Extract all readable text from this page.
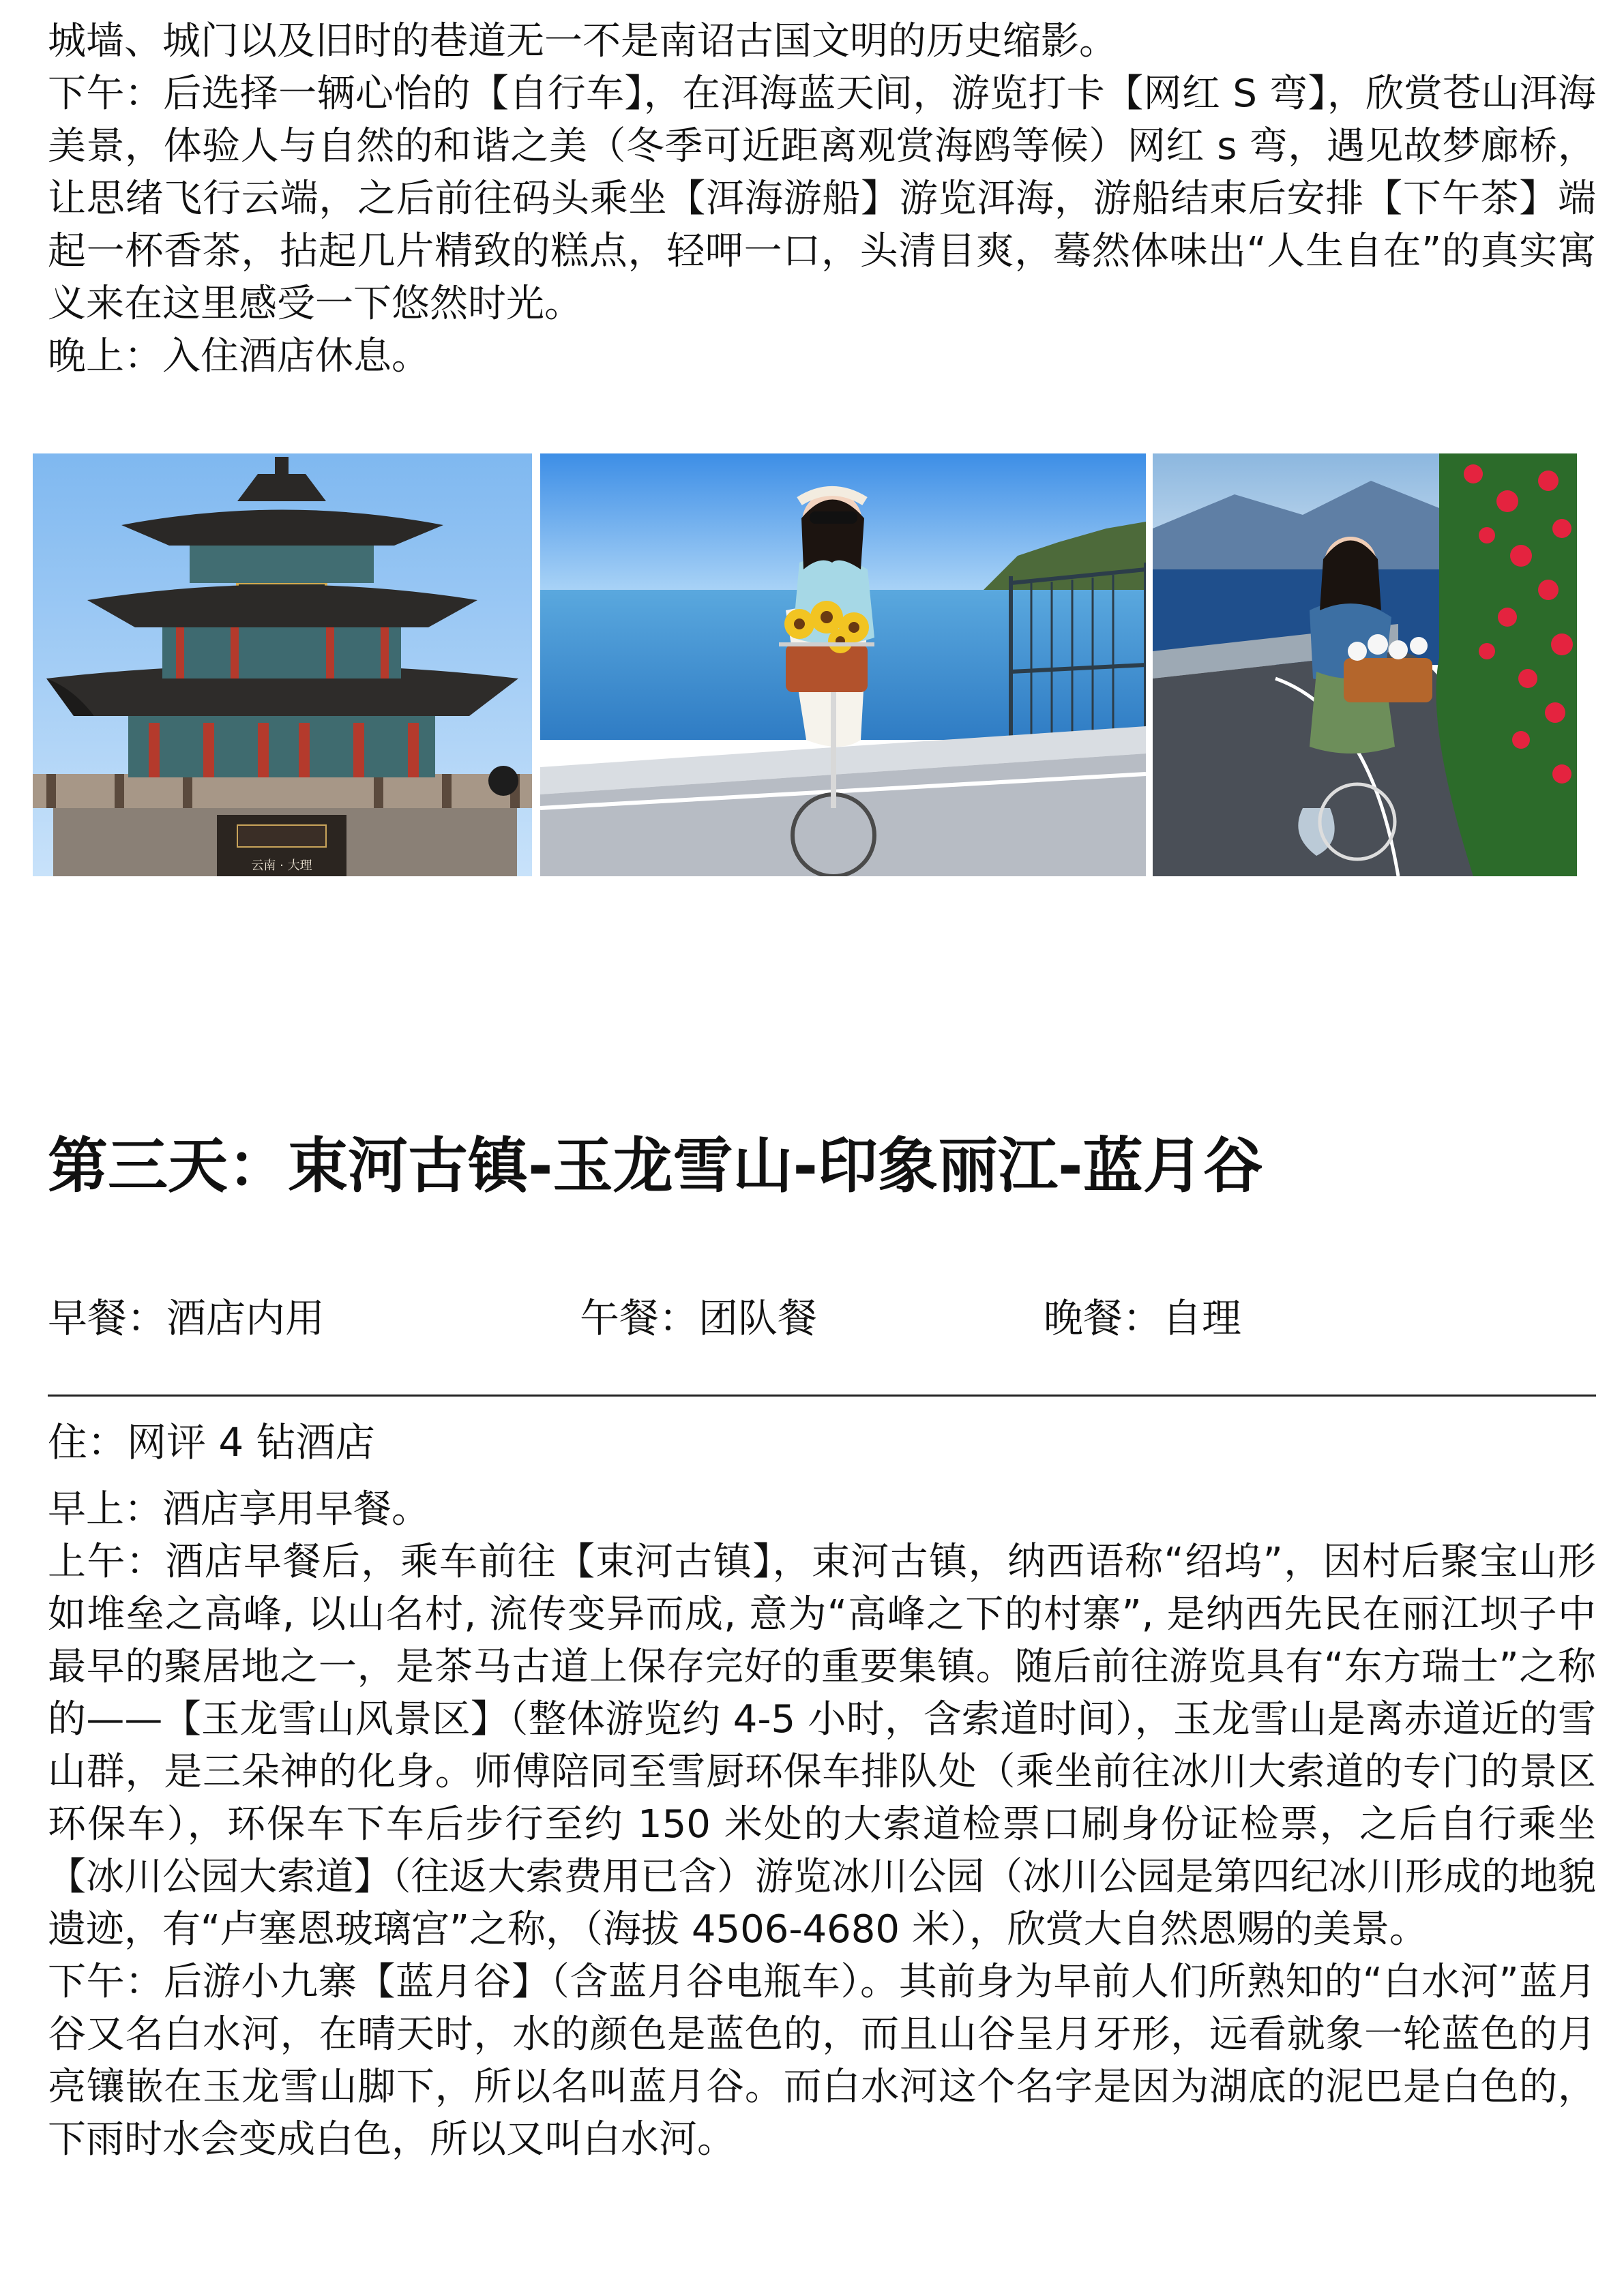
城墙、城门以及旧时的巷道无一不是南诏古国文明的历史缩影。

下午：后选择一辆心怡的【自行车】，在洱海蓝天间，游览打卡【网红 S 弯】，欣赏苍山洱海美景，体验人与自然的和谐之美（冬季可近距离观赏海鸥等候）网红 s 弯，遇见故梦廊桥，让思绪飞行云端，之后前往码头乘坐【洱海游船】游览洱海，游船结束后安排【下午茶】端起一杯香茶，拈起几片精致的糕点，轻呷一口，头清目爽，蓦然体味出“人生自在”的真实寓义来在这里感受一下悠然时光。

晚上：入住酒店休息。

云南 · 大理
第三天：束河古镇-玉龙雪山-印象丽江-蓝月谷
早餐：酒店内用	午餐：团队餐	晚餐：自理

住：网评 4 钻酒店

早上：酒店享用早餐。

上午：酒店早餐后，乘车前往【束河古镇】，束河古镇，纳西语称“绍坞”，因村后聚宝山形如堆垒之高峰, 以山名村, 流传变异而成, 意为“高峰之下的村寨”, 是纳西先民在丽江坝子中最早的聚居地之一，是茶马古道上保存完好的重要集镇。随后前往游览具有“东方瑞士”之称的——【玉龙雪山风景区】（整体游览约 4-5 小时，含索道时间），玉龙雪山是离赤道近的雪山群，是三朵神的化身。师傅陪同至雪厨环保车排队处（乘坐前往冰川大索道的专门的景区环保车），环保车下车后步行至约 150 米处的大索道检票口刷身份证检票，之后自行乘坐【冰川公园大索道】（往返大索费用已含）游览冰川公园（冰川公园是第四纪冰川形成的地貌遗迹，有“卢塞恩玻璃宫”之称，（海拔 4506-4680 米），欣赏大自然恩赐的美景。

下午：后游小九寨【蓝月谷】（含蓝月谷电瓶车）。其前身为早前人们所熟知的“白水河”蓝月谷又名白水河，在晴天时，水的颜色是蓝色的，而且山谷呈月牙形，远看就象一轮蓝色的月亮镶嵌在玉龙雪山脚下，所以名叫蓝月谷。而白水河这个名字是因为湖底的泥巴是白色的，下雨时水会变成白色，所以又叫白水河。
